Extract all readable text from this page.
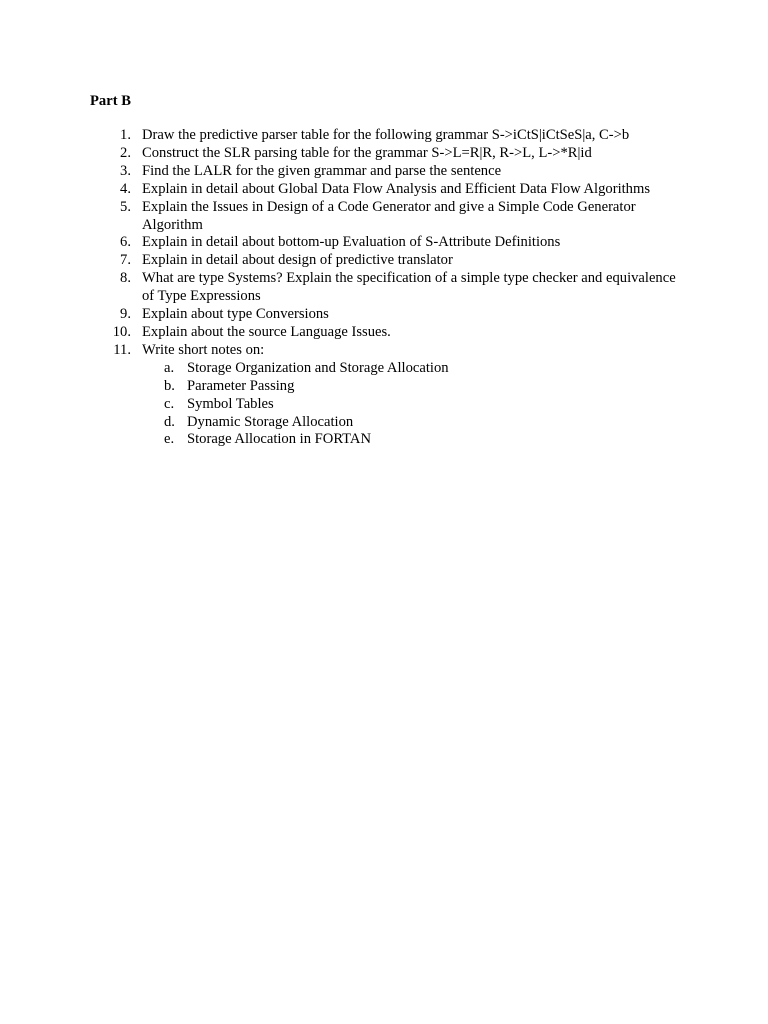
Part B
1. Draw the predictive parser table for the following grammar S->iCtS|iCtSeS|a, C->b
2. Construct the SLR parsing table for the grammar S->L=R|R, R->L, L->*R|id
3. Find the LALR for the given grammar and parse the sentence
4. Explain in detail about Global Data Flow Analysis and Efficient Data Flow Algorithms
5. Explain the Issues in Design of a Code Generator and give a Simple Code Generator Algorithm
6. Explain in detail about bottom-up Evaluation of S-Attribute Definitions
7. Explain in detail about design of predictive translator
8. What are type Systems? Explain the specification of a simple type checker and equivalence of Type Expressions
9. Explain about type Conversions
10. Explain about the source Language Issues.
11. Write short notes on:
a. Storage Organization and Storage Allocation
b. Parameter Passing
c. Symbol Tables
d. Dynamic Storage Allocation
e. Storage Allocation in FORTAN
